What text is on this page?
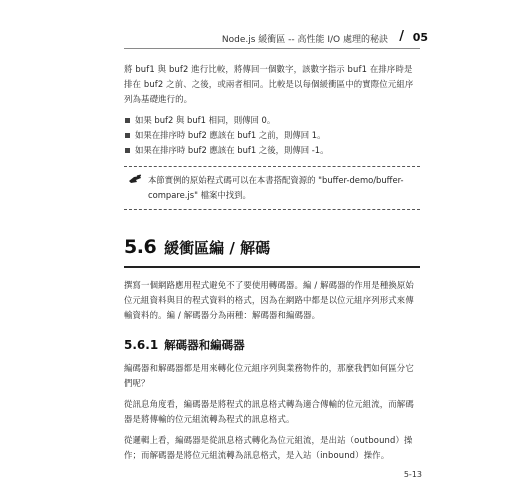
Node.js 緩衝區 -- 高性能 I/O 處理的秘訣 / 05

將 buf1 與 buf2 進行比較，將傳回一個數字，該數字指示 buf1 在排序時是排在 buf2 之前、之後，或兩者相同。比較是以每個緩衝區中的實際位元組序列為基礎進行的。

如果 buf2 與 buf1 相同，則傳回 0。
如果在排序時 buf2 應該在 buf1 之前，則傳回 1。
如果在排序時 buf2 應該在 buf1 之後，則傳回 -1。
本節實例的原始程式碼可以在本書搭配資源的 "buffer-demo/buffer-compare.js" 檔案中找到。
5.6 緩衝區編 / 解碼

撰寫一個網路應用程式避免不了要使用轉碼器。編 / 解碼器的作用是種換原始位元組資料與目的程式資料的格式，因為在網路中都是以位元組序列形式來傳輸資料的。編 / 解碼器分為兩種：解碼器和編碼器。

5.6.1 解碼器和編碼器

編碼器和解碼器都是用來轉化位元組序列與業務物件的，那麼我們如何區分它們呢？

從訊息角度看，編碼器是將程式的訊息格式轉為適合傳輸的位元組流，而解碼器是將傳輸的位元組流轉為程式的訊息格式。

從邏輯上看，編碼器是從訊息格式轉化為位元組流，是出站（outbound）操作；而解碼器是將位元組流轉為訊息格式，是入站（inbound）操作。

5-13
